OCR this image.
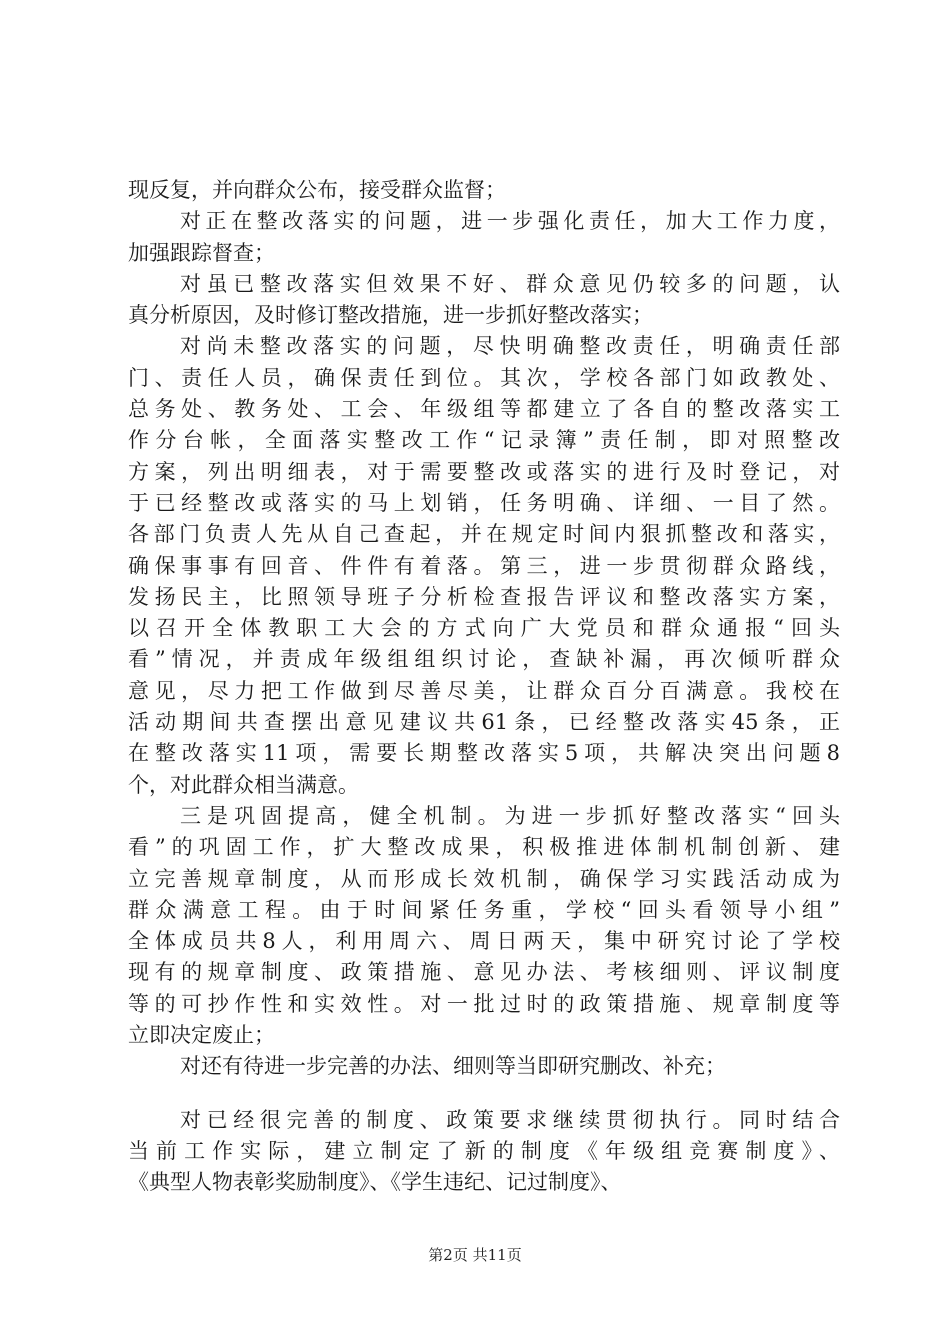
现反复，并向群众公布，接受群众监督；
对正在整改落实的问题，进一步强化责任，加大工作力度，
加强跟踪督查；
对虽已整改落实但效果不好、群众意见仍较多的问题，认
真分析原因，及时修订整改措施，进一步抓好整改落实；
对尚未整改落实的问题，尽快明确整改责任，明确责任部
门、责任人员，确保责任到位。其次，学校各部门如政教处、
总务处、教务处、工会、年级组等都建立了各自的整改落实工
作分台帐，全面落实整改工作“记录簿”责任制，即对照整改
方案，列出明细表，对于需要整改或落实的进行及时登记，对
于已经整改或落实的马上划销，任务明确、详细、一目了然。
各部门负责人先从自己查起，并在规定时间内狠抓整改和落实，
确保事事有回音、件件有着落。第三，进一步贯彻群众路线，
发扬民主，比照领导班子分析检查报告评议和整改落实方案，
以召开全体教职工大会的方式向广大党员和群众通报“回头
看”情况，并责成年级组组织讨论，查缺补漏，再次倾听群众
意见，尽力把工作做到尽善尽美，让群众百分百满意。我校在
活动期间共查摆出意见建议共61条，已经整改落实45条，正
在整改落实11项，需要长期整改落实5项，共解决突出问题8
个，对此群众相当满意。
三是巩固提高，健全机制。为进一步抓好整改落实“回头
看”的巩固工作，扩大整改成果，积极推进体制机制创新、建
立完善规章制度，从而形成长效机制，确保学习实践活动成为
群众满意工程。由于时间紧任务重，学校“回头看领导小组”
全体成员共8人，利用周六、周日两天，集中研究讨论了学校
现有的规章制度、政策措施、意见办法、考核细则、评议制度
等的可抄作性和实效性。对一批过时的政策措施、规章制度等
立即决定废止；
对还有待进一步完善的办法、细则等当即研究删改、补充；
对已经很完善的制度、政策要求继续贯彻执行。同时结合
当前工作实际，建立制定了新的制度《年级组竞赛制度》、
《典型人物表彰奖励制度》、《学生违纪、记过制度》、
第2页 共11页
